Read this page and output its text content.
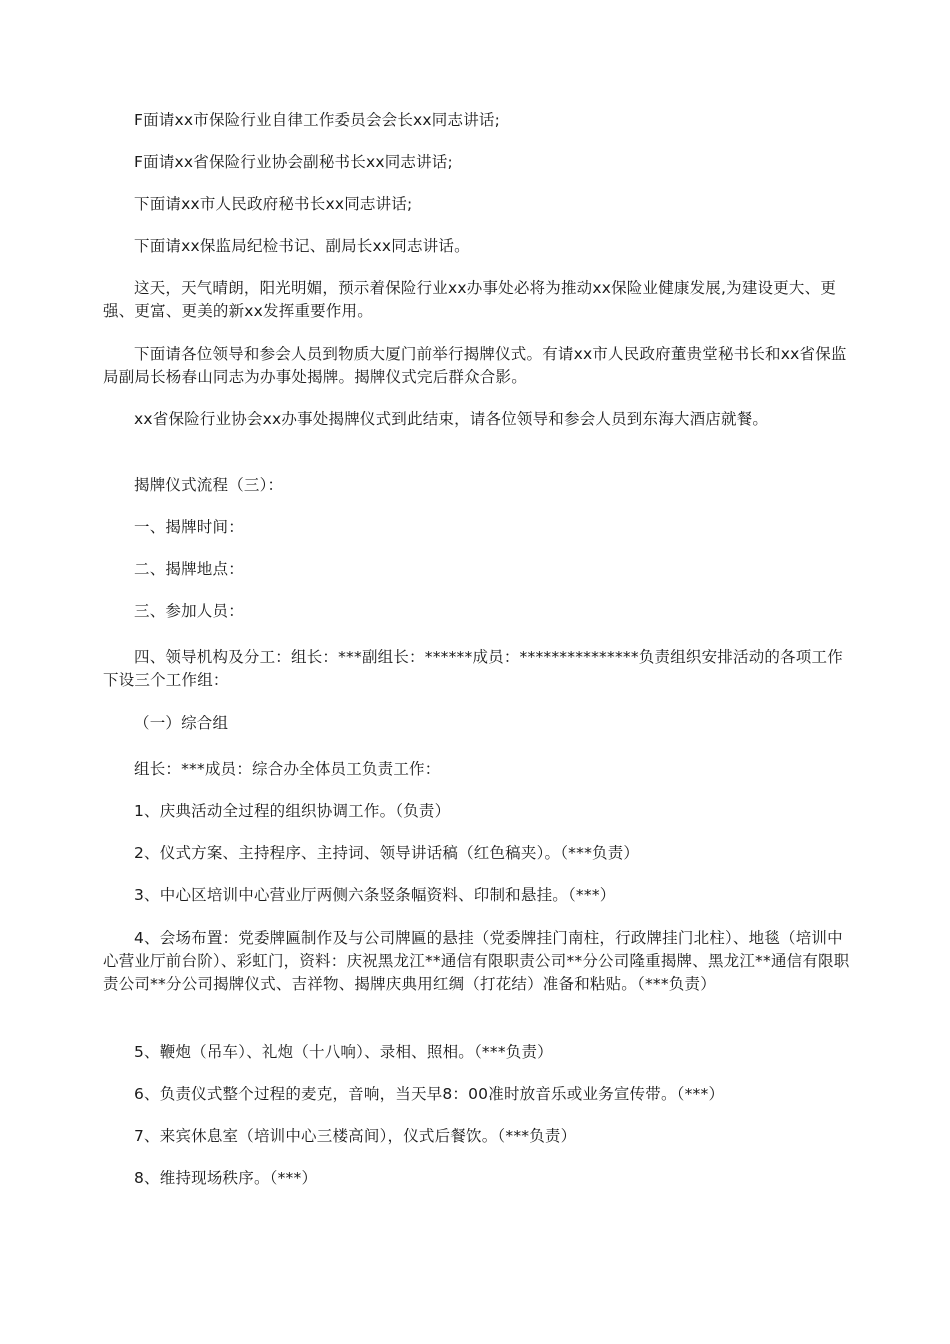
F面请xx市保险行业自律工作委员会会长xx同志讲话;

F面请xx省保险行业协会副秘书长xx同志讲话;

下面请xx市人民政府秘书长xx同志讲话;

下面请xx保监局纪检书记、副局长xx同志讲话。

这天，天气晴朗，阳光明媚，预示着保险行业xx办事处必将为推动xx保险业健康发展,为建设更大、更强、更富、更美的新xx发挥重要作用。

下面请各位领导和参会人员到物质大厦门前举行揭牌仪式。有请xx市人民政府董贵堂秘书长和xx省保监局副局长杨春山同志为办事处揭牌。揭牌仪式完后群众合影。

xx省保险行业协会xx办事处揭牌仪式到此结束，请各位领导和参会人员到东海大酒店就餐。

揭牌仪式流程（三）：

一、揭牌时间：

二、揭牌地点：

三、参加人员：

四、领导机构及分工：组长：***副组长：******成员：***************负责组织安排活动的各项工作下设三个工作组：

（一）综合组

组长：***成员：综合办全体员工负责工作：

1、庆典活动全过程的组织协调工作。（负责）

2、仪式方案、主持程序、主持词、领导讲话稿（红色稿夹）。（***负责）

3、中心区培训中心营业厅两侧六条竖条幅资料、印制和悬挂。（***）

4、会场布置：党委牌匾制作及与公司牌匾的悬挂（党委牌挂门南柱，行政牌挂门北柱）、地毯（培训中心营业厅前台阶）、彩虹门，资料：庆祝黑龙江**通信有限职责公司**分公司隆重揭牌、黑龙江**通信有限职责公司**分公司揭牌仪式、吉祥物、揭牌庆典用红绸（打花结）准备和粘贴。（***负责）

5、鞭炮（吊车）、礼炮（十八响）、录相、照相。（***负责）

6、负责仪式整个过程的麦克，音响，当天早8：00准时放音乐或业务宣传带。（***）

7、来宾休息室（培训中心三楼高间），仪式后餐饮。（***负责）

8、维持现场秩序。（***）
